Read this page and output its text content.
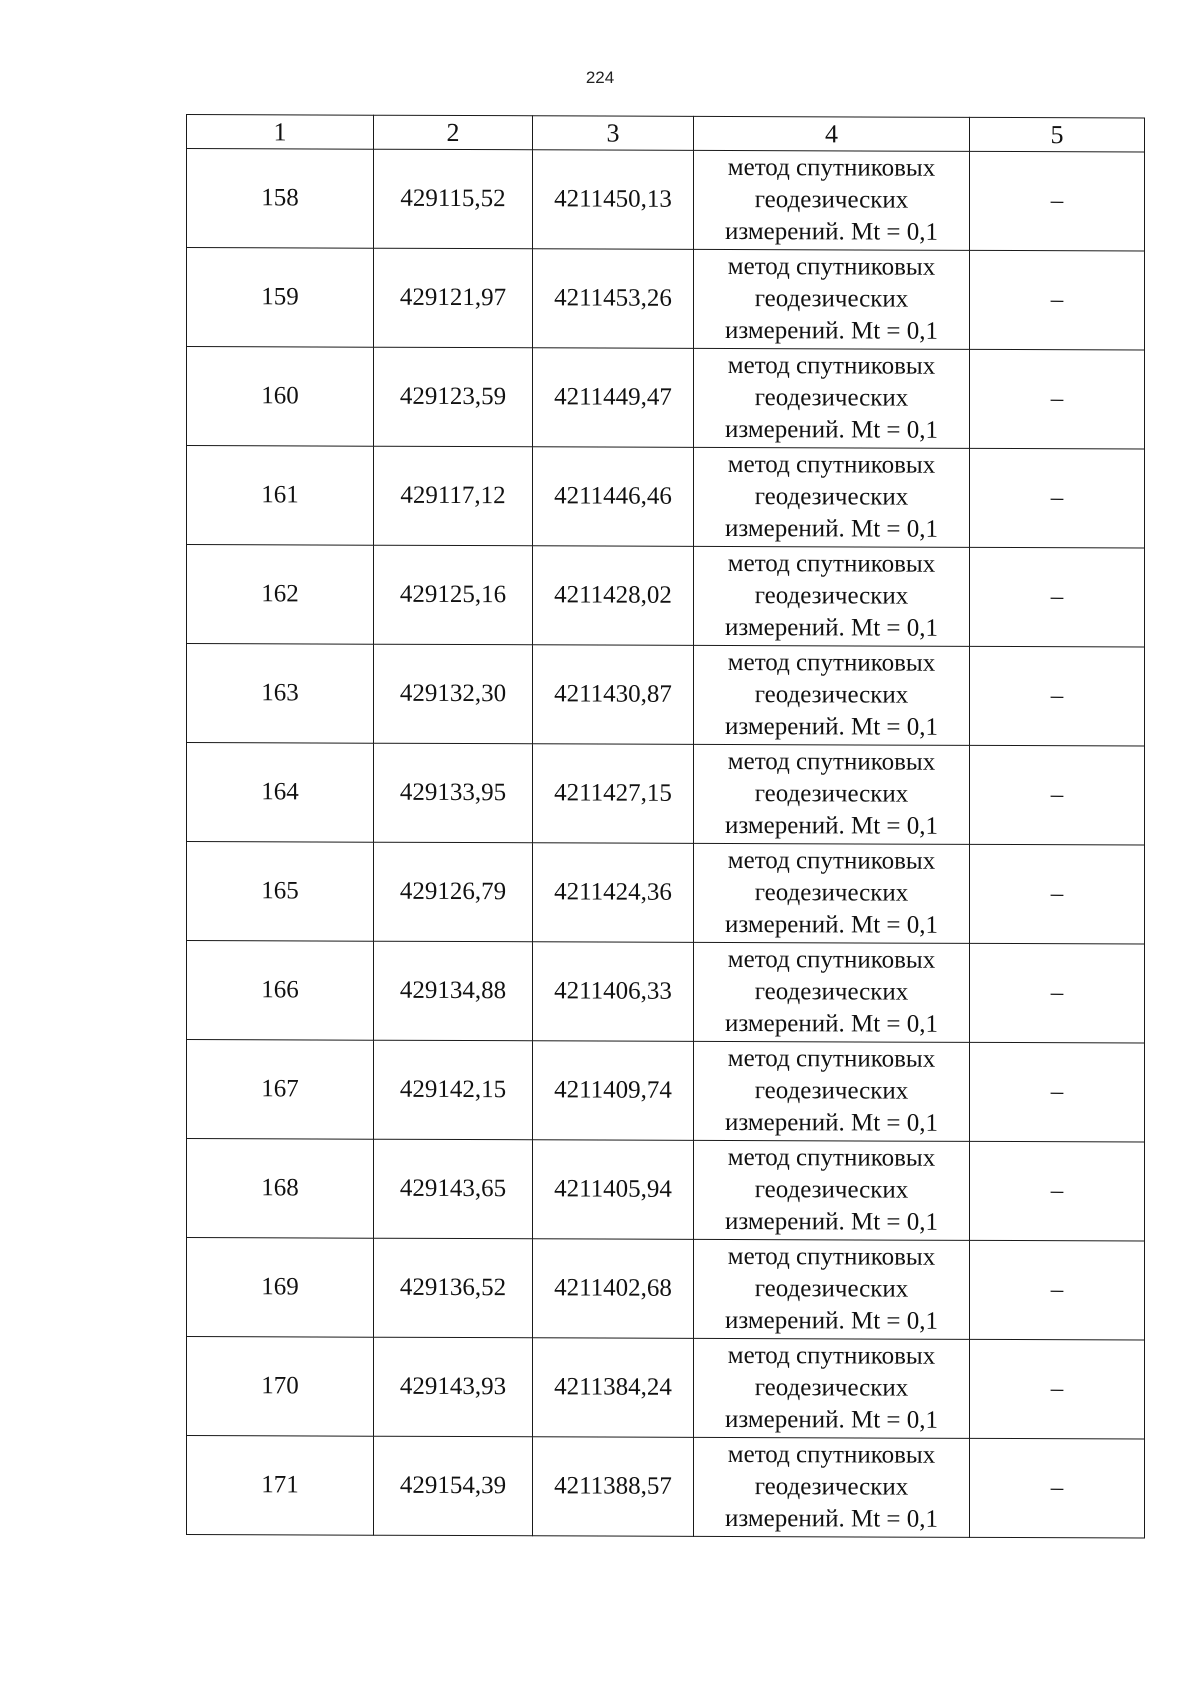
224
1	2	3	4	5
158	429115,52	4211450,13	метод спутниковых
геодезических
измерений. Mt = 0,1	–
159	429121,97	4211453,26	метод спутниковых
геодезических
измерений. Mt = 0,1	–
160	429123,59	4211449,47	метод спутниковых
геодезических
измерений. Mt = 0,1	–
161	429117,12	4211446,46	метод спутниковых
геодезических
измерений. Mt = 0,1	–
162	429125,16	4211428,02	метод спутниковых
геодезических
измерений. Mt = 0,1	–
163	429132,30	4211430,87	метод спутниковых
геодезических
измерений. Mt = 0,1	–
164	429133,95	4211427,15	метод спутниковых
геодезических
измерений. Mt = 0,1	–
165	429126,79	4211424,36	метод спутниковых
геодезических
измерений. Mt = 0,1	–
166	429134,88	4211406,33	метод спутниковых
геодезических
измерений. Mt = 0,1	–
167	429142,15	4211409,74	метод спутниковых
геодезических
измерений. Mt = 0,1	–
168	429143,65	4211405,94	метод спутниковых
геодезических
измерений. Mt = 0,1	–
169	429136,52	4211402,68	метод спутниковых
геодезических
измерений. Mt = 0,1	–
170	429143,93	4211384,24	метод спутниковых
геодезических
измерений. Mt = 0,1	–
171	429154,39	4211388,57	метод спутниковых
геодезических
измерений. Mt = 0,1	–
